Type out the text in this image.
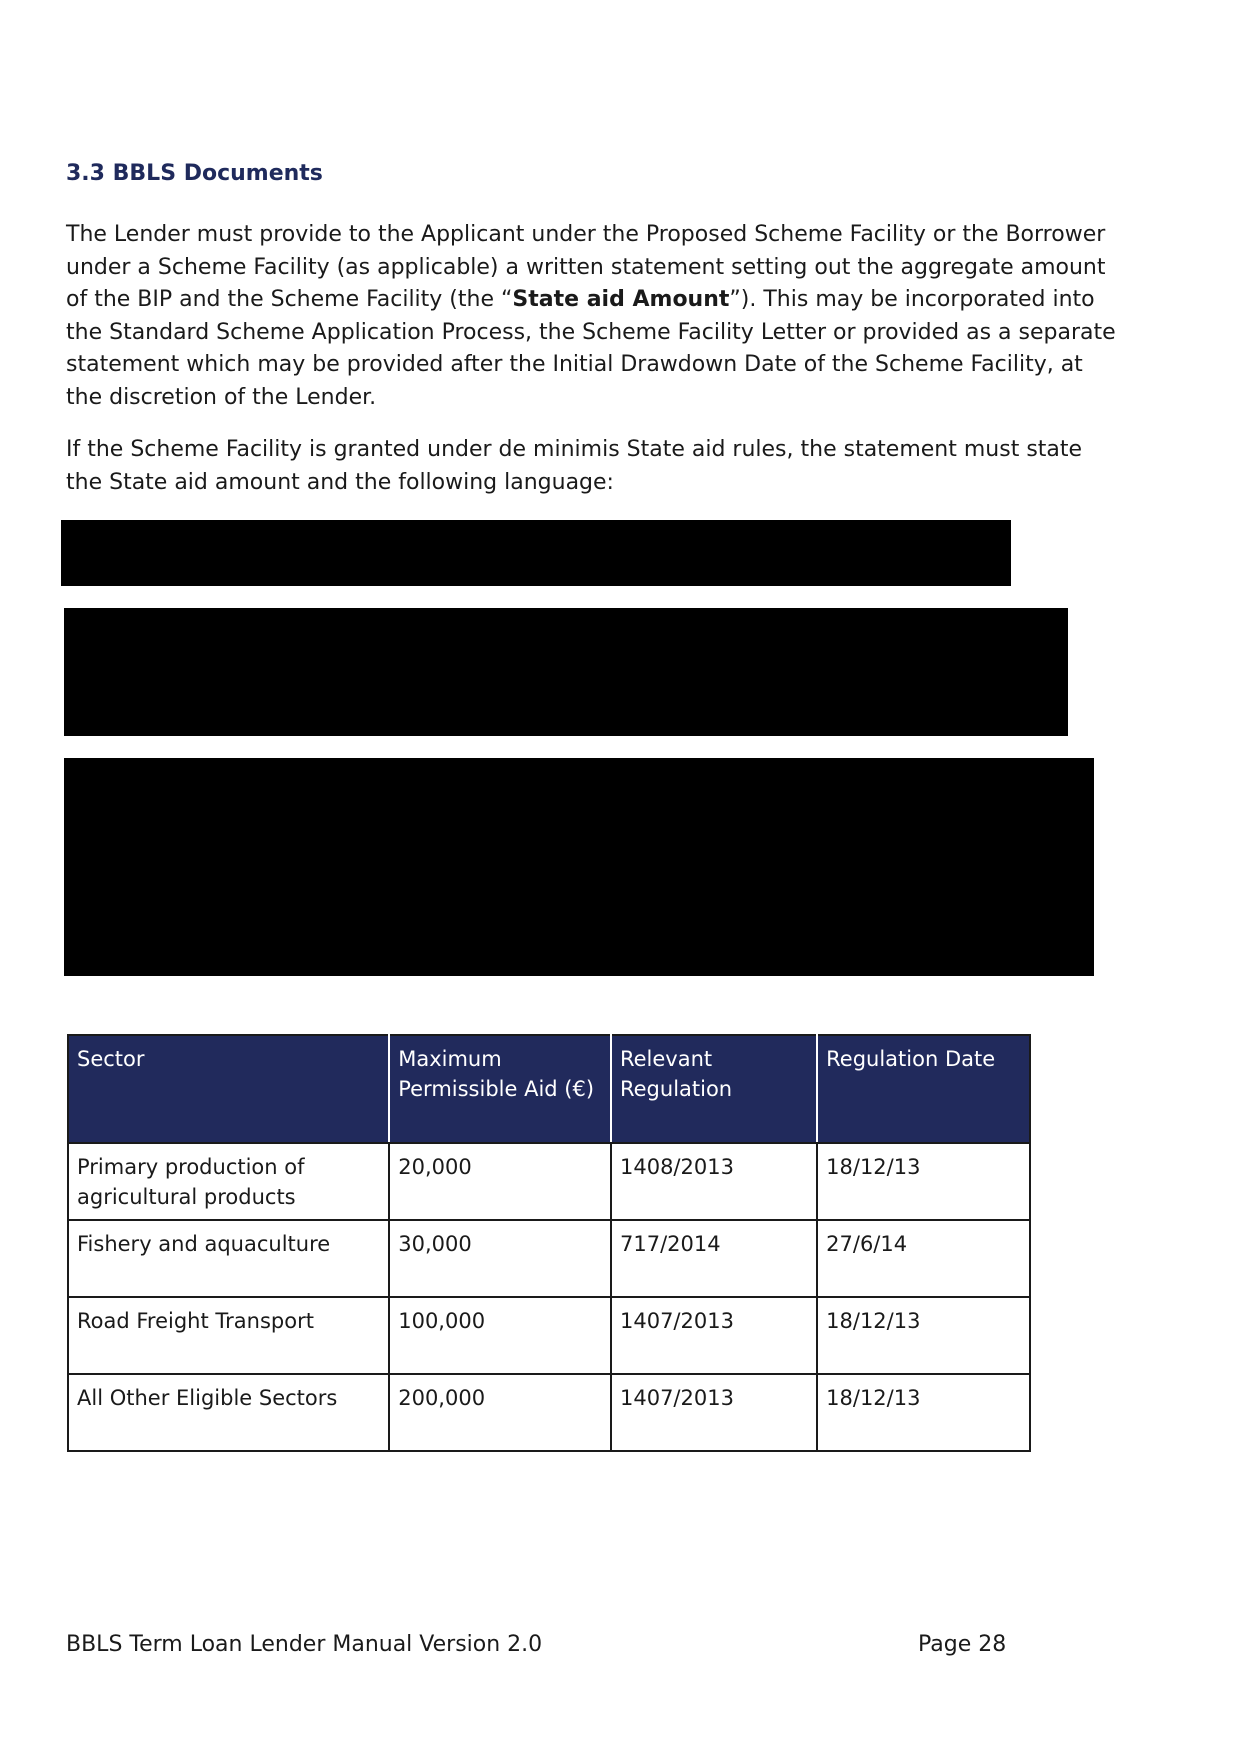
3.3 BBLS Documents

The Lender must provide to the Applicant under the Proposed Scheme Facility or the Borrower under a Scheme Facility (as applicable) a written statement setting out the aggregate amount of the BIP and the Scheme Facility (the “State aid Amount”). This may be incorporated into the Standard Scheme Application Process, the Scheme Facility Letter or provided as a separate statement which may be provided after the Initial Drawdown Date of the Scheme Facility, at the discretion of the Lender.

If the Scheme Facility is granted under de minimis State aid rules, the statement must state the State aid amount and the following language:

Sector	Maximum Permissible Aid (€)	Relevant Regulation	Regulation Date
Primary production of agricultural products	20,000	1408/2013	18/12/13
Fishery and aquaculture	30,000	717/2014	27/6/14
Road Freight Transport	100,000	1407/2013	18/12/13
All Other Eligible Sectors	200,000	1407/2013	18/12/13

BBLS Term Loan Lender Manual Version 2.0	Page 28
